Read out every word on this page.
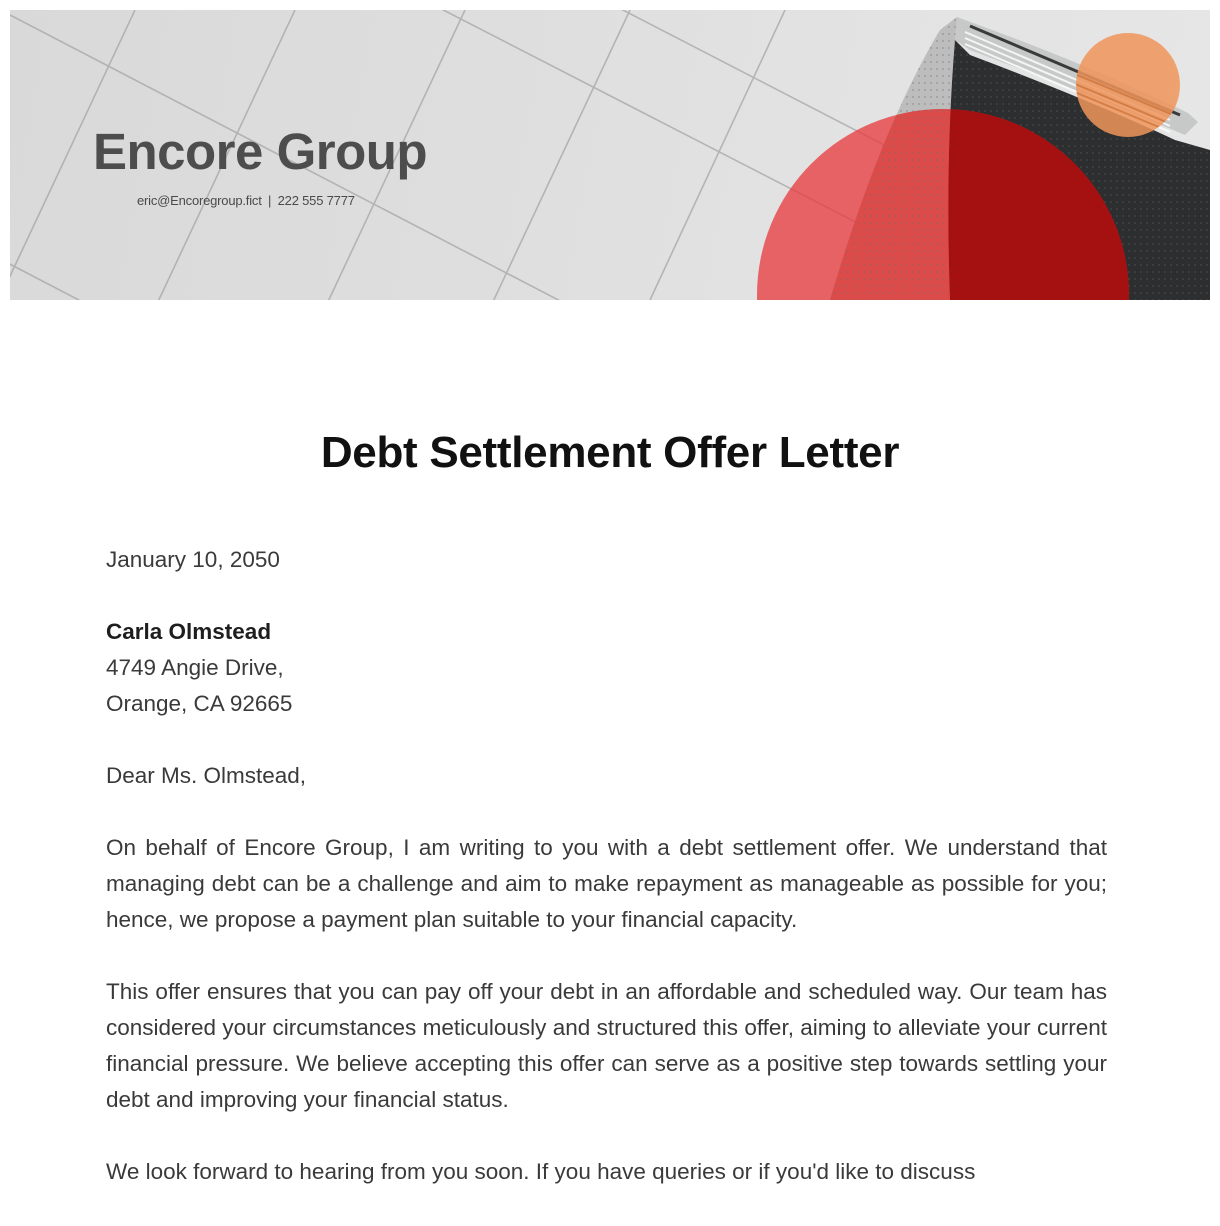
Encore Group
eric@Encoregroup.fict | 222 555 7777
Debt Settlement Offer Letter

January 10, 2050

Carla Olmstead

4749 Angie Drive,

Orange, CA 92665

Dear Ms. Olmstead,

On behalf of Encore Group, I am writing to you with a debt settlement offer. We understand that managing debt can be a challenge and aim to make repayment as manageable as possible for you; hence, we propose a payment plan suitable to your financial capacity.

This offer ensures that you can pay off your debt in an affordable and scheduled way. Our team has considered your circumstances meticulously and structured this offer, aiming to alleviate your current financial pressure. We believe accepting this offer can serve as a positive step towards settling your debt and improving your financial status.

We look forward to hearing from you soon. If you have queries or if you'd like to discuss
